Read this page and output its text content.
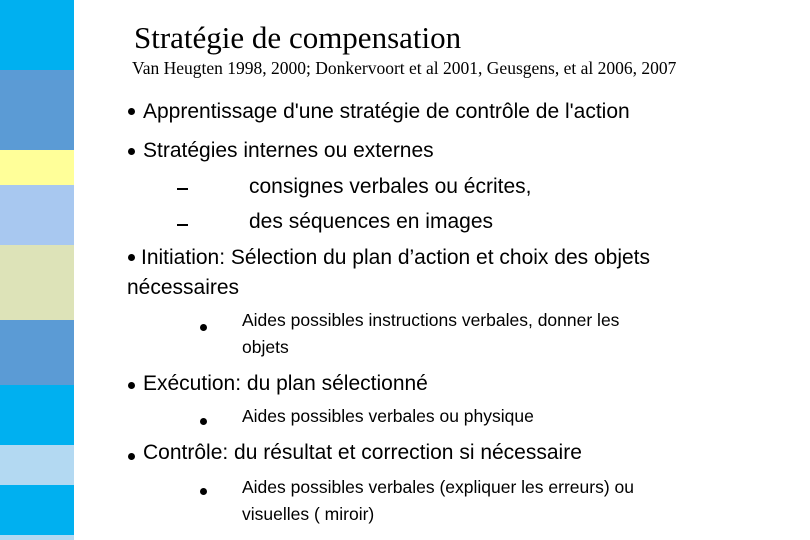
Stratégie de compensation
Van Heugten 1998, 2000; Donkervoort et al 2001, Geusgens, et al 2006, 2007
Apprentissage d'une stratégie de contrôle de l'action
Stratégies internes ou externes
consignes verbales ou écrites,
des séquences en images
Initiation: Sélection du plan d’action et choix des objets
nécessaires
Aides possibles instructions verbales, donner les
objets
Exécution: du plan sélectionné
Aides possibles verbales ou physique
Contrôle: du résultat et correction si nécessaire
Aides possibles verbales (expliquer les erreurs) ou
visuelles ( miroir)
